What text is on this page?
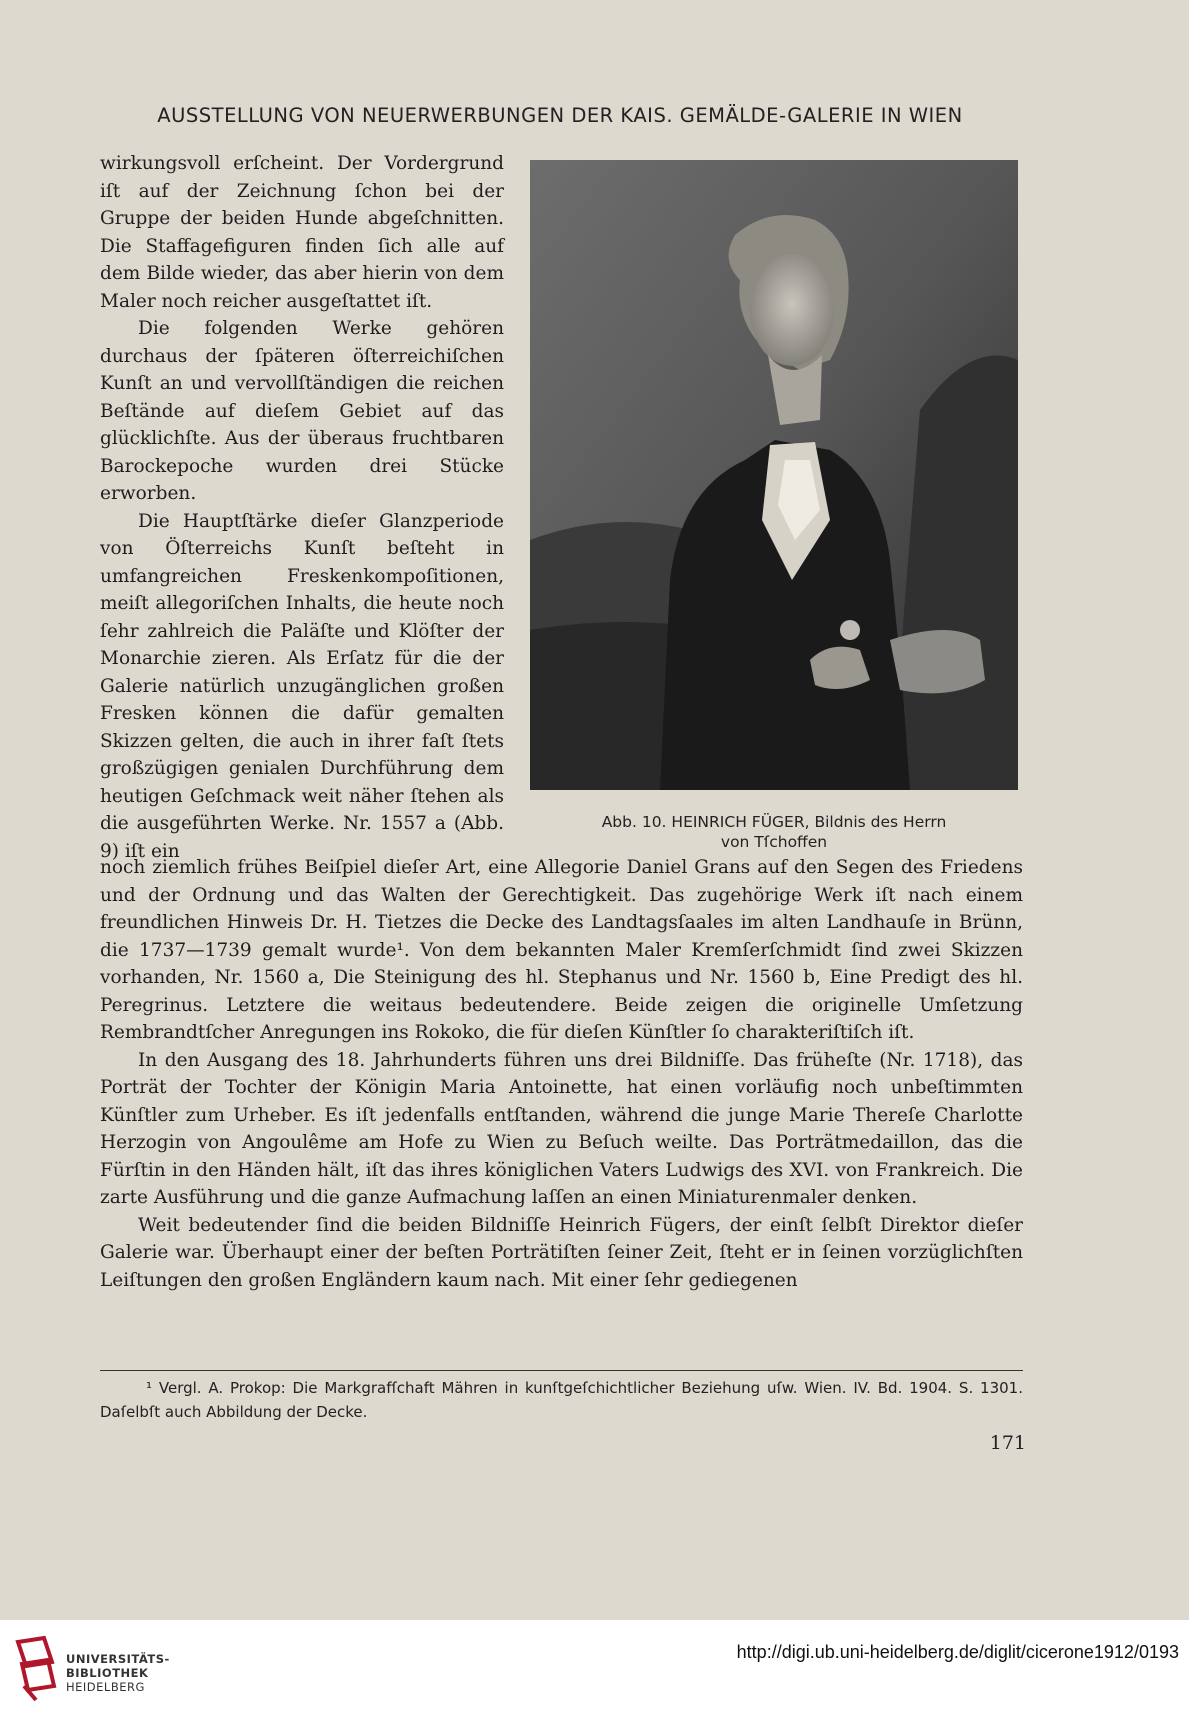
AUSSTELLUNG VON NEUERWERBUNGEN DER KAIS. GEMÄLDE-GALERIE IN WIEN

wirkungsvoll erſcheint. Der Vordergrund iſt auf der Zeichnung ſchon bei der Gruppe der beiden Hunde abgeſchnitten. Die Staffagefiguren finden ſich alle auf dem Bilde wieder, das aber hierin von dem Maler noch reicher ausgeſtattet iſt.

Die folgenden Werke gehören durchaus der ſpäteren öſterreichiſchen Kunſt an und vervollſtändigen die reichen Beſtände auf dieſem Gebiet auf das glücklichſte. Aus der überaus fruchtbaren Barockepoche wurden drei Stücke erworben.

Die Hauptſtärke dieſer Glanzperiode von Öſterreichs Kunſt beſteht in umfangreichen Freskenkompoſitionen, meiſt allegoriſchen Inhalts, die heute noch ſehr zahlreich die Paläſte und Klöſter der Monarchie zieren. Als Erſatz für die der Galerie natürlich unzugänglichen großen Fresken können die dafür gemalten Skizzen gelten, die auch in ihrer faſt ſtets großzügigen genialen Durchführung dem heutigen Geſchmack weit näher ſtehen als die ausgeführten Werke. Nr. 1557 a (Abb. 9) iſt ein

Abb. 10. HEINRICH FÜGER, Bildnis des Herrn
von Tſchoffen

noch ziemlich frühes Beiſpiel dieſer Art, eine Allegorie Daniel Grans auf den Segen des Friedens und der Ordnung und das Walten der Gerechtigkeit. Das zugehörige Werk iſt nach einem freundlichen Hinweis Dr. H. Tietzes die Decke des Landtagsſaales im alten Landhauſe in Brünn, die 1737—1739 gemalt wurde¹. Von dem bekannten Maler Kremſerſchmidt ſind zwei Skizzen vorhanden, Nr. 1560 a, Die Steinigung des hl. Stephanus und Nr. 1560 b, Eine Predigt des hl. Peregrinus. Letztere die weitaus bedeutendere. Beide zeigen die originelle Umſetzung Rembrandtſcher Anregungen ins Rokoko, die für dieſen Künſtler ſo charakteriſtiſch iſt.

In den Ausgang des 18. Jahrhunderts führen uns drei Bildniſſe. Das früheſte (Nr. 1718), das Porträt der Tochter der Königin Maria Antoinette, hat einen vorläufig noch unbeſtimmten Künſtler zum Urheber. Es iſt jedenfalls entſtanden, während die junge Marie Thereſe Charlotte Herzogin von Angoulême am Hofe zu Wien zu Beſuch weilte. Das Porträtmedaillon, das die Fürſtin in den Händen hält, iſt das ihres königlichen Vaters Ludwigs des XVI. von Frankreich. Die zarte Ausführung und die ganze Aufmachung laſſen an einen Miniaturenmaler denken.

Weit bedeutender ſind die beiden Bildniſſe Heinrich Fügers, der einſt ſelbſt Direktor dieſer Galerie war. Überhaupt einer der beſten Porträtiſten ſeiner Zeit, ſteht er in ſeinen vorzüglichſten Leiſtungen den großen Engländern kaum nach. Mit einer ſehr gediegenen

¹ Vergl. A. Prokop: Die Markgrafſchaft Mähren in kunſtgeſchichtlicher Beziehung uſw. Wien. IV. Bd. 1904. S. 1301. Daſelbſt auch Abbildung der Decke.
171
UNIVERSITÄTS-
BIBLIOTHEK
HEIDELBERG
http://digi.ub.uni-heidelberg.de/diglit/cicerone1912/0193
